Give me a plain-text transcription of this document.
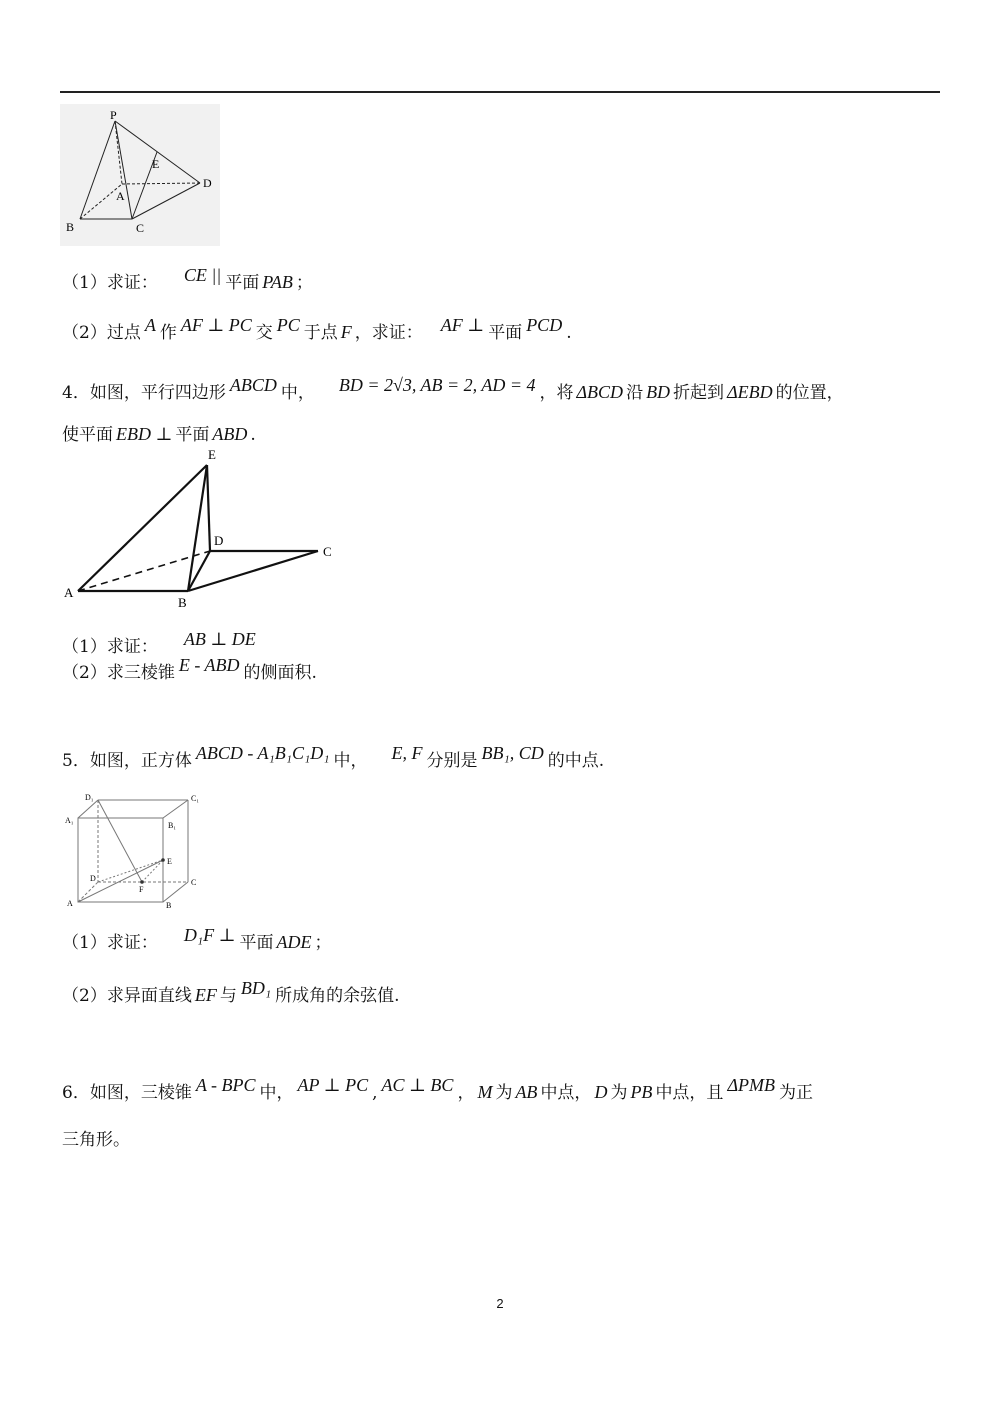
P
E
D
A
B	C
（1）求证： CE || 平面 PAB ；
（2）过点 A 作 AF ⊥ PC 交 PC 于点 F ，求证： AF ⊥ 平面 PCD .
4．如图，平行四边形 ABCD 中， BD = 2√3, AB = 2, AD = 4 ，将 ΔBCD 沿 BD 折起到 ΔEBD 的位置，
使平面 EBD ⊥ 平面 ABD .
E
D
C
A
B
（1）求证： AB ⊥ DE
（2）求三棱锥 E - ABD 的侧面积.
5．如图，正方体 ABCD - A₁B₁C₁D₁ 中， E, F 分别是 BB₁, CD 的中点.
D₁	C₁
A₁
B₁
E
D	C
F
A	B
（1）求证： D₁F ⊥ 平面 ADE ；
（2）求异面直线 EF 与 BD₁ 所成角的余弦值.
6．如图，三棱锥 A - BPC 中， AP ⊥ PC , AC ⊥ BC ， M 为 AB 中点， D 为 PB 中点，且 ΔPMB 为正
三角形。
2
